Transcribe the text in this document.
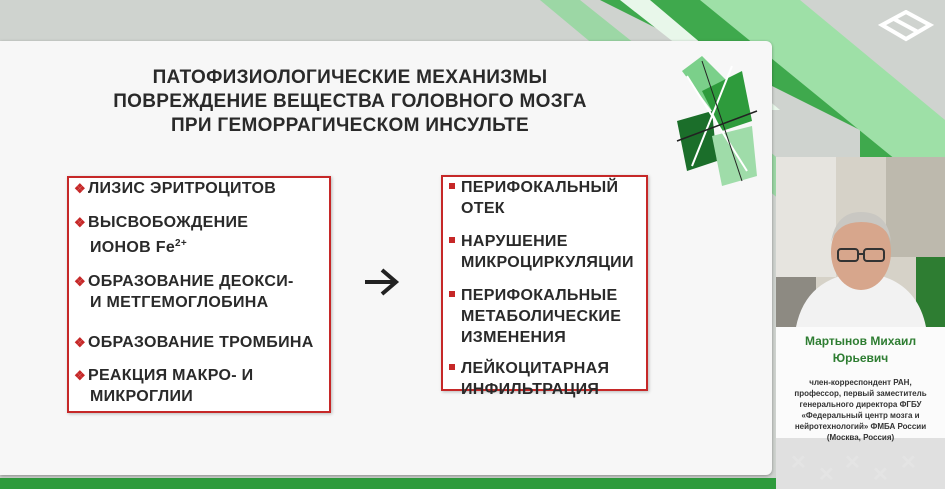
ПАТОФИЗИОЛОГИЧЕСКИЕ МЕХАНИЗМЫ
ПОВРЕЖДЕНИЕ ВЕЩЕСТВА ГОЛОВНОГО МОЗГА
ПРИ ГЕМОРРАГИЧЕСКОМ ИНСУЛЬТЕ
❖ ЛИЗИС ЭРИТРОЦИТОВ
❖ ВЫСВОБОЖДЕНИЕ
ИОНОВ $Fe^{2+}$
❖ ОБРАЗОВАНИЕ ДЕОКСИ-
И МЕТГЕМОГЛОБИНА
❖ ОБРАЗОВАНИЕ ТРОМБИНА
❖ РЕАКЦИЯ МАКРО- И
МИКРОГЛИИ
ПЕРИФОКАЛЬНЫЙ
ОТЕК
НАРУШЕНИЕ
МИКРОЦИРКУЛЯЦИИ
ПЕРИФОКАЛЬНЫЕ
МЕТАБОЛИЧЕСКИЕ
ИЗМЕНЕНИЯ
ЛЕЙКОЦИТАРНАЯ
ИНФИЛЬТРАЦИЯ
Мартынов Михаил
Юрьевич
член-корреспондент РАН,
профессор, первый заместитель
генерального директора ФГБУ
«Федеральный центр мозга и
нейротехнологий» ФМБА России
(Москва, Россия)
✕
✕
✕
✕
✕
